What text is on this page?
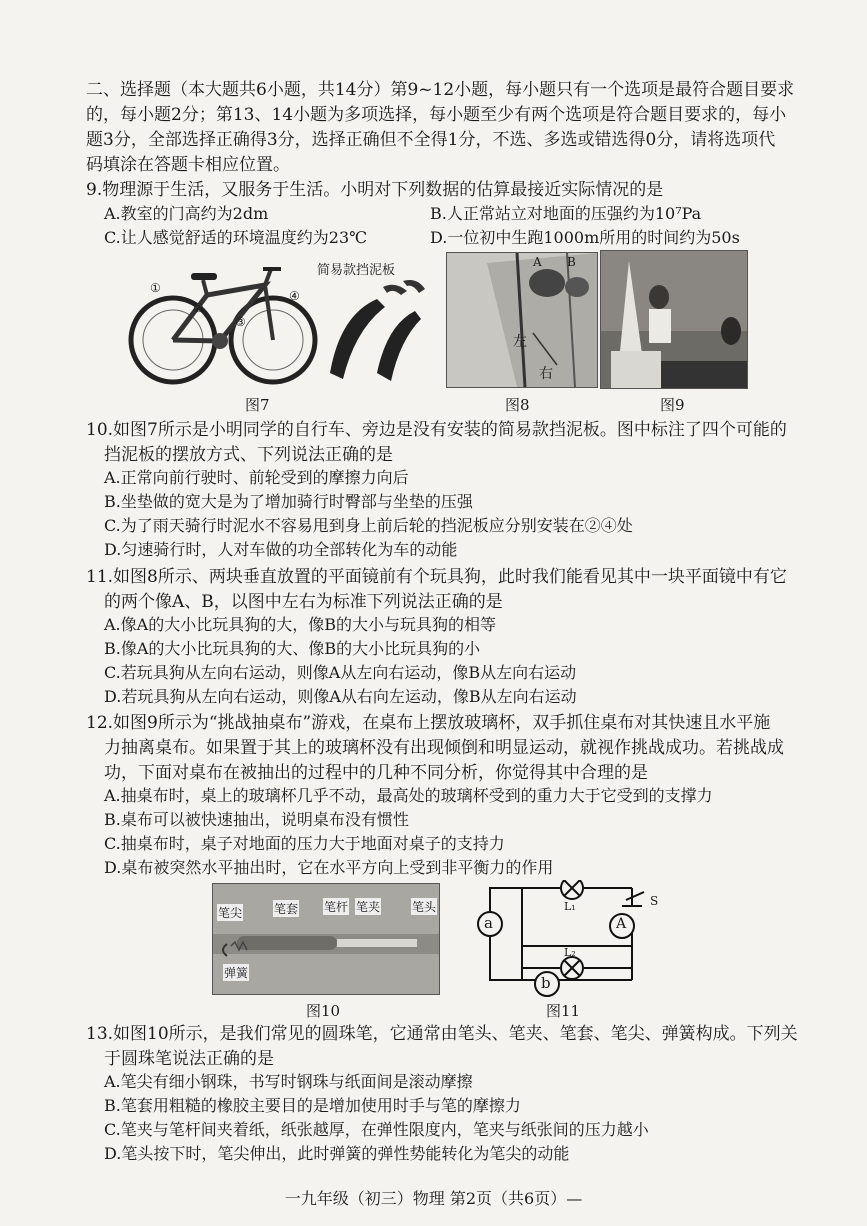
二、选择题（本大题共6小题，共14分）第9~12小题，每小题只有一个选项是最符合题目要求
的，每小题2分；第13、14小题为多项选择，每小题至少有两个选项是符合题目要求的，每小
题3分，全部选择正确得3分，选择正确但不全得1分，不选、多选或错选得0分，请将选项代
码填涂在答题卡相应位置。
9.物理源于生活，又服务于生活。小明对下列数据的估算最接近实际情况的是
A.教室的门高约为2dm	B.人正常站立对地面的压强约为10⁷Pa
C.让人感觉舒适的环境温度约为23℃	D.一位初中生跑1000m所用的时间约为50s
①
②
③
④
简易款挡泥板
图7
A B
左
右
图8	图9
10.如图7所示是小明同学的自行车、旁边是没有安装的简易款挡泥板。图中标注了四个可能的
挡泥板的摆放方式、下列说法正确的是
A.正常向前行驶时、前轮受到的摩擦力向后
B.坐垫做的宽大是为了增加骑行时臀部与坐垫的压强
C.为了雨天骑行时泥水不容易甩到身上前后轮的挡泥板应分别安装在②④处
D.匀速骑行时，人对车做的功全部转化为车的动能
11.如图8所示、两块垂直放置的平面镜前有个玩具狗，此时我们能看见其中一块平面镜中有它
的两个像A、B，以图中左右为标准下列说法正确的是
A.像A的大小比玩具狗的大，像B的大小与玩具狗的相等
B.像A的大小比玩具狗的大、像B的大小比玩具狗的小
C.若玩具狗从左向右运动，则像A从左向右运动，像B从左向右运动
D.若玩具狗从左向右运动，则像A从右向左运动，像B从左向右运动
12.如图9所示为“挑战抽桌布”游戏，在桌布上摆放玻璃杯，双手抓住桌布对其快速且水平施
力抽离桌布。如果置于其上的玻璃杯没有出现倾倒和明显运动，就视作挑战成功。若挑战成
功，下面对桌布在被抽出的过程中的几种不同分析，你觉得其中合理的是
A.抽桌布时，桌上的玻璃杯几乎不动，最高处的玻璃杯受到的重力大于它受到的支撑力
B.桌布可以被快速抽出，说明桌布没有惯性
C.抽桌布时，桌子对地面的压力大于地面对桌子的支持力
D.桌布被突然水平抽出时，它在水平方向上受到非平衡力的作用
笔尖	笔套 笔杆 笔夹	笔头
弹簧
图10
a
L₁	S
A
L₂
b
图11
13.如图10所示，是我们常见的圆珠笔，它通常由笔头、笔夹、笔套、笔尖、弹簧构成。下列关
于圆珠笔说法正确的是
A.笔尖有细小钢珠，书写时钢珠与纸面间是滚动摩擦
B.笔套用粗糙的橡胶主要目的是增加使用时手与笔的摩擦力
C.笔夹与笔杆间夹着纸，纸张越厚，在弹性限度内，笔夹与纸张间的压力越小
D.笔头按下时，笔尖伸出，此时弹簧的弹性势能转化为笔尖的动能
一九年级（初三）物理 第2页（共6页）—
